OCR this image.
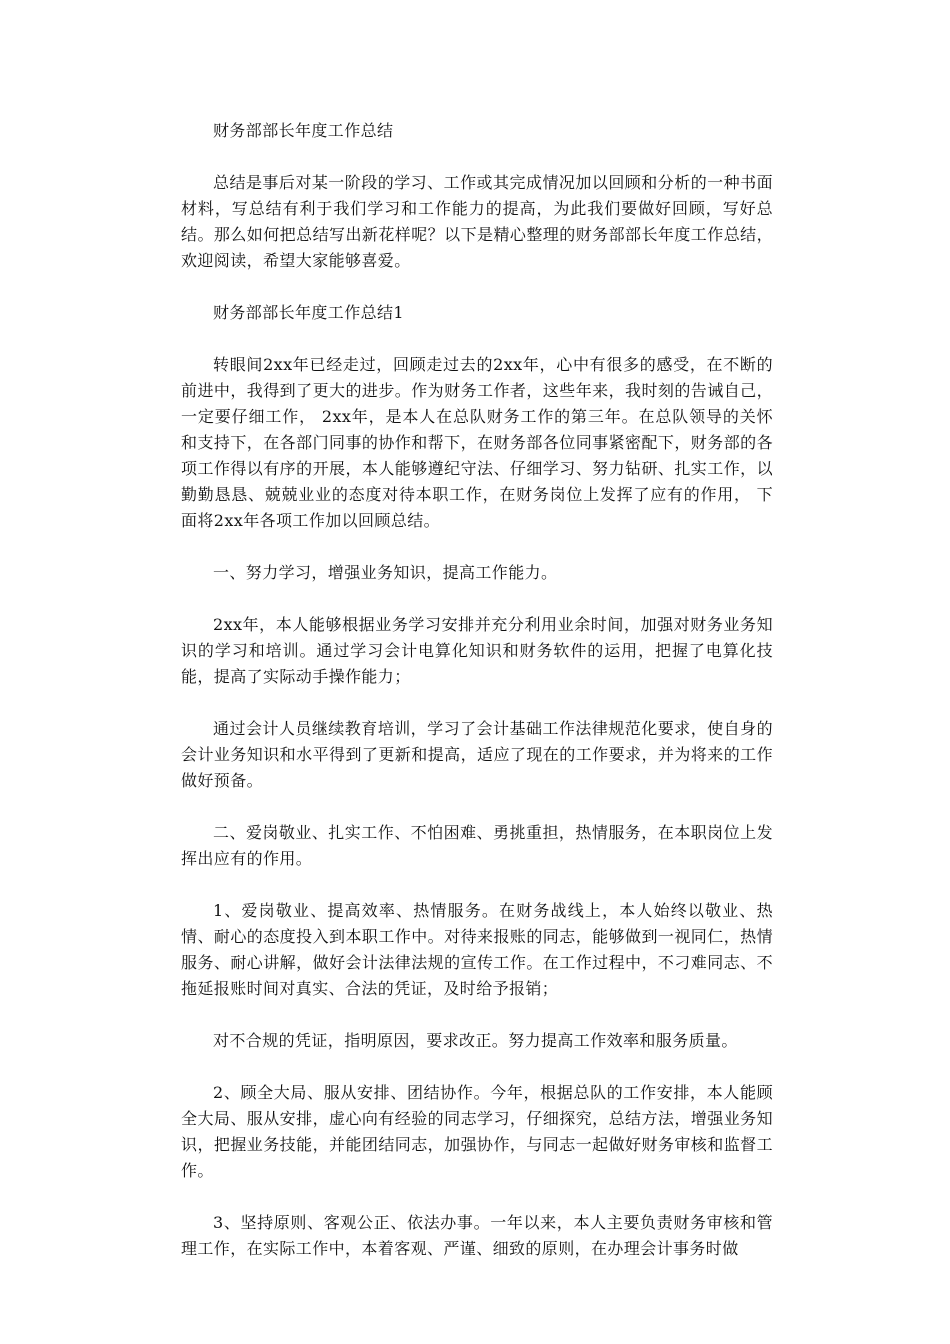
财务部部长年度工作总结

总结是事后对某一阶段的学习、工作或其完成情况加以回顾和分析的一种书面材料，写总结有利于我们学习和工作能力的提高，为此我们要做好回顾，写好总结。那么如何把总结写出新花样呢？以下是精心整理的财务部部长年度工作总结，欢迎阅读，希望大家能够喜爱。

财务部部长年度工作总结1

转眼间2xx年已经走过，回顾走过去的2xx年，心中有很多的感受，在不断的前进中，我得到了更大的进步。作为财务工作者，这些年来，我时刻的告诫自己，一定要仔细工作， 2xx年，是本人在总队财务工作的第三年。在总队领导的关怀和支持下，在各部门同事的协作和帮下，在财务部各位同事紧密配下，财务部的各项工作得以有序的开展，本人能够遵纪守法、仔细学习、努力钻研、扎实工作，以勤勤恳恳、兢兢业业的态度对待本职工作，在财务岗位上发挥了应有的作用， 下面将2xx年各项工作加以回顾总结。

一、努力学习，增强业务知识，提高工作能力。

2xx年，本人能够根据业务学习安排并充分利用业余时间，加强对财务业务知识的学习和培训。通过学习会计电算化知识和财务软件的运用，把握了电算化技能，提高了实际动手操作能力；

通过会计人员继续教育培训，学习了会计基础工作法律规范化要求，使自身的会计业务知识和水平得到了更新和提高，适应了现在的工作要求，并为将来的工作做好预备。

二、爱岗敬业、扎实工作、不怕困难、勇挑重担，热情服务，在本职岗位上发挥出应有的作用。

1、爱岗敬业、提高效率、热情服务。在财务战线上，本人始终以敬业、热情、耐心的态度投入到本职工作中。对待来报账的同志，能够做到一视同仁，热情服务、耐心讲解，做好会计法律法规的宣传工作。在工作过程中，不刁难同志、不拖延报账时间对真实、合法的凭证，及时给予报销；

对不合规的凭证，指明原因，要求改正。努力提高工作效率和服务质量。

2、顾全大局、服从安排、团结协作。今年，根据总队的工作安排，本人能顾全大局、服从安排，虚心向有经验的同志学习，仔细探究，总结方法，增强业务知识，把握业务技能，并能团结同志，加强协作，与同志一起做好财务审核和监督工作。

3、坚持原则、客观公正、依法办事。一年以来，本人主要负责财务审核和管理工作，在实际工作中，本着客观、严谨、细致的原则，在办理会计事务时做
